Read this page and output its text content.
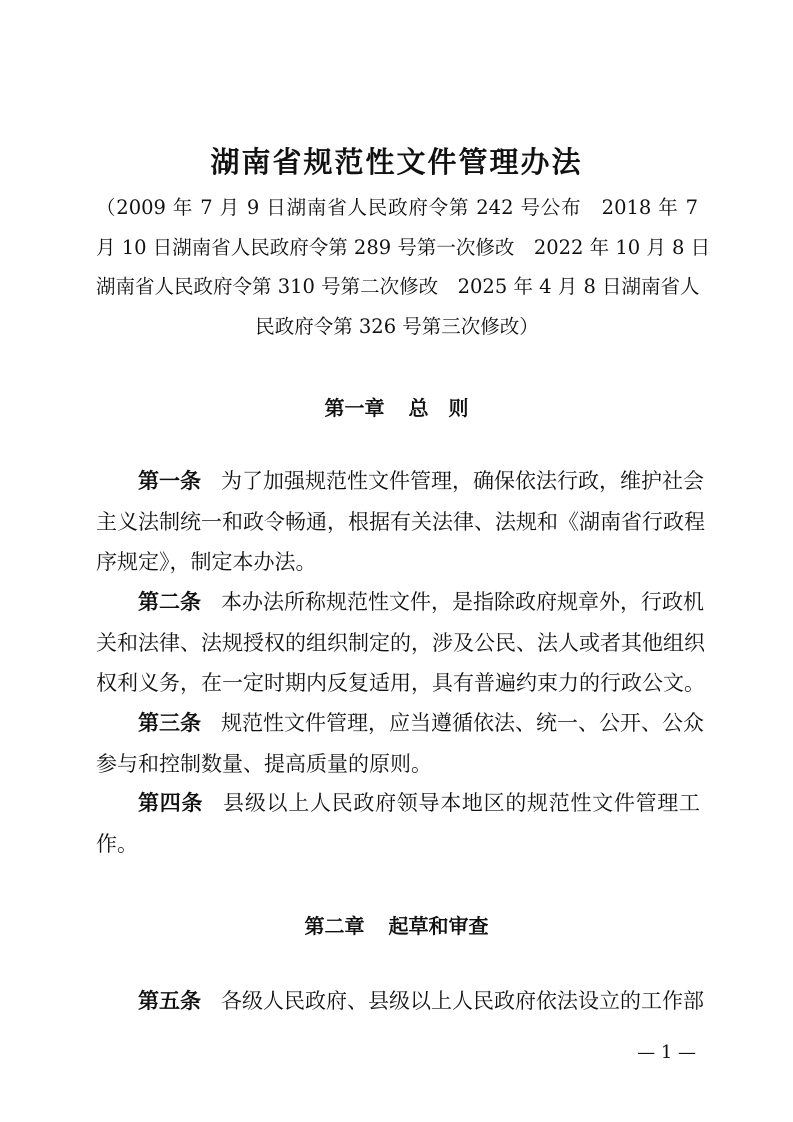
湖南省规范性文件管理办法
（2009 年 7 月 9 日湖南省人民政府令第 242 号公布　2018 年 7
月 10 日湖南省人民政府令第 289 号第一次修改　2022 年 10 月 8 日
湖南省人民政府令第 310 号第二次修改　2025 年 4 月 8 日湖南省人
民政府令第 326 号第三次修改）
第一章 总　则
第一条 为了加强规范性文件管理，确保依法行政，维护社会
主义法制统一和政令畅通，根据有关法律、法规和《湖南省行政程
序规定》，制定本办法。
第二条 本办法所称规范性文件，是指除政府规章外，行政机
关和法律、法规授权的组织制定的，涉及公民、法人或者其他组织
权利义务，在一定时期内反复适用，具有普遍约束力的行政公文。
第三条 规范性文件管理，应当遵循依法、统一、公开、公众
参与和控制数量、提高质量的原则。
第四条 县级以上人民政府领导本地区的规范性文件管理工
作。
第二章 起草和审查
第五条 各级人民政府、县级以上人民政府依法设立的工作部
— 1 —
